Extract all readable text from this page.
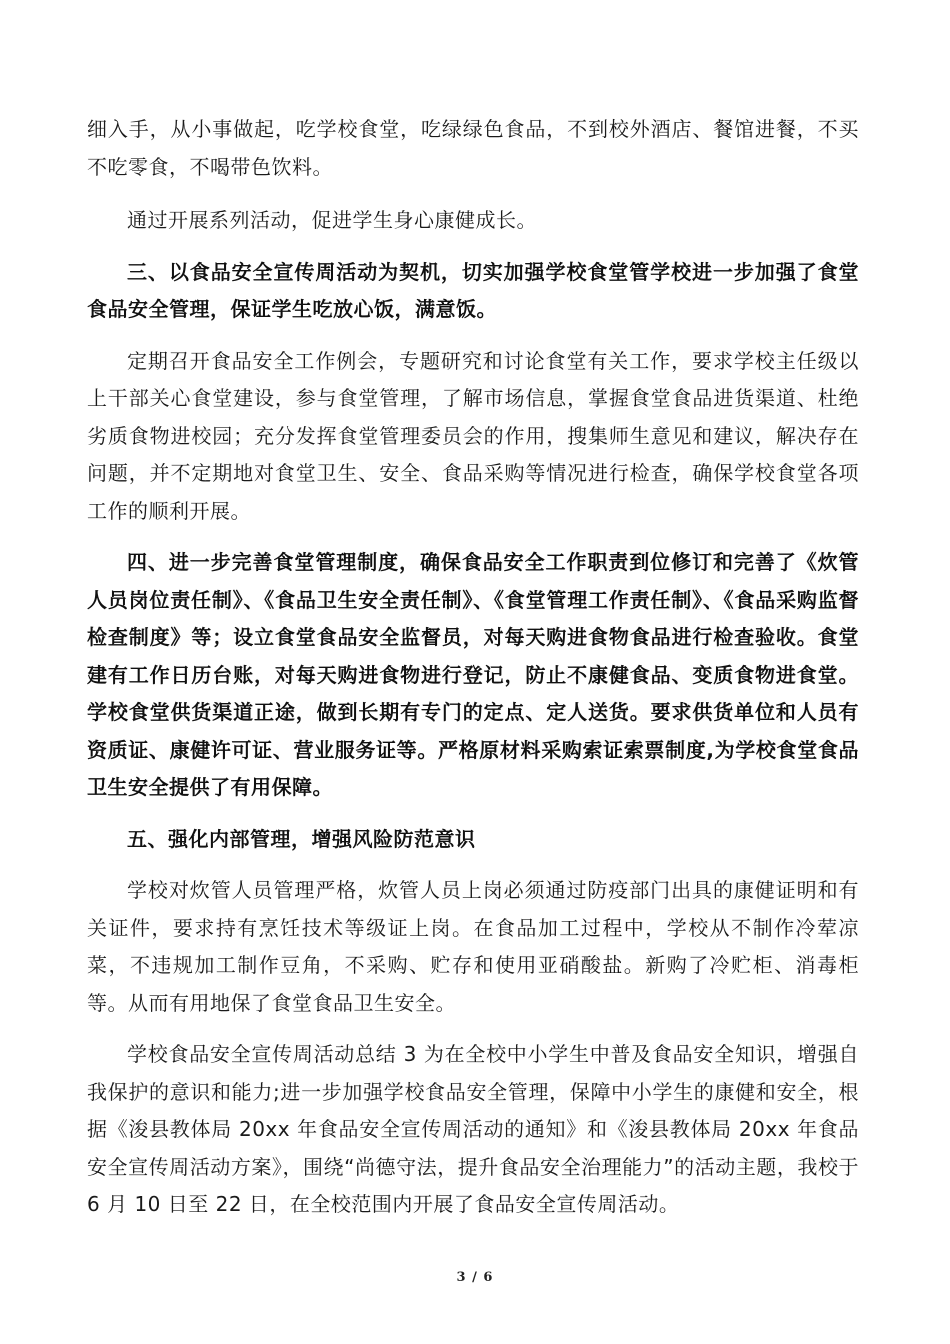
细入手，从小事做起，吃学校食堂，吃绿绿色食品，不到校外酒店、餐馆进餐，不买不吃零食，不喝带色饮料。

通过开展系列活动，促进学生身心康健成长。

三、以食品安全宣传周活动为契机，切实加强学校食堂管学校进一步加强了食堂食品安全管理，保证学生吃放心饭，满意饭。

定期召开食品安全工作例会，专题研究和讨论食堂有关工作，要求学校主任级以上干部关心食堂建设，参与食堂管理，了解市场信息，掌握食堂食品进货渠道、杜绝劣质食物进校园；充分发挥食堂管理委员会的作用，搜集师生意见和建议，解决存在问题，并不定期地对食堂卫生、安全、食品采购等情况进行检查，确保学校食堂各项工作的顺利开展。

四、进一步完善食堂管理制度，确保食品安全工作职责到位修订和完善了《炊管人员岗位责任制》、《食品卫生安全责任制》、《食堂管理工作责任制》、《食品采购监督检查制度》等；设立食堂食品安全监督员，对每天购进食物食品进行检查验收。食堂建有工作日历台账，对每天购进食物进行登记，防止不康健食品、变质食物进食堂。学校食堂供货渠道正途，做到长期有专门的定点、定人送货。要求供货单位和人员有资质证、康健许可证、营业服务证等。严格原材料采购索证索票制度,为学校食堂食品卫生安全提供了有用保障。

五、强化内部管理，增强风险防范意识

学校对炊管人员管理严格，炊管人员上岗必须通过防疫部门出具的康健证明和有关证件，要求持有烹饪技术等级证上岗。在食品加工过程中，学校从不制作冷荤凉菜，不违规加工制作豆角，不采购、贮存和使用亚硝酸盐。新购了冷贮柜、消毒柜等。从而有用地保了食堂食品卫生安全。

学校食品安全宣传周活动总结 3 为在全校中小学生中普及食品安全知识，增强自我保护的意识和能力;进一步加强学校食品安全管理，保障中小学生的康健和安全，根据《浚县教体局 20xx 年食品安全宣传周活动的通知》和《浚县教体局 20xx 年食品安全宣传周活动方案》，围绕“尚德守法，提升食品安全治理能力”的活动主题，我校于 6 月 10 日至 22 日，在全校范围内开展了食品安全宣传周活动。

3 / 6
